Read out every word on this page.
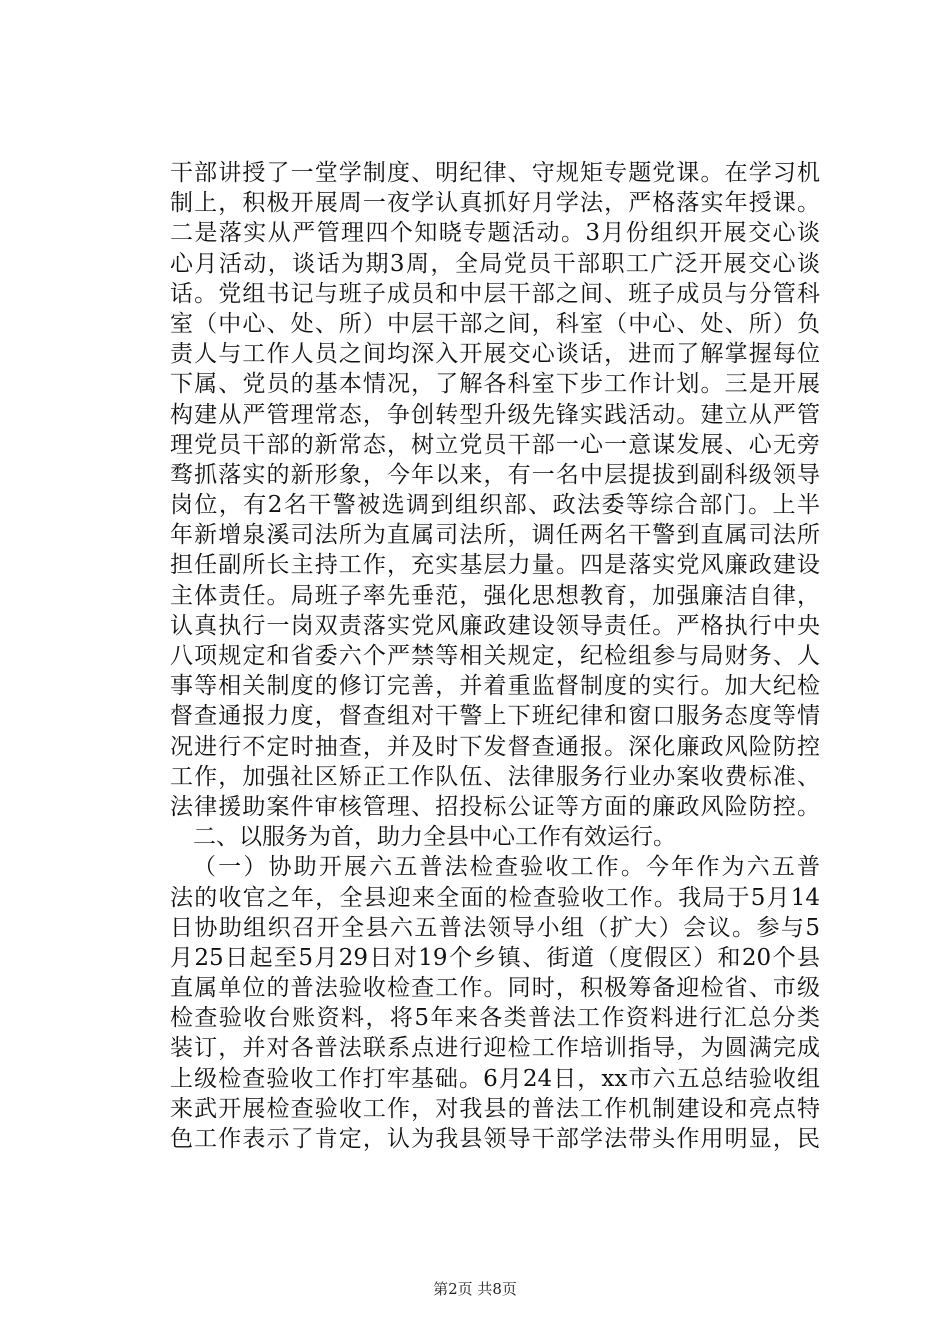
干部讲授了一堂学制度、明纪律、守规矩专题党课。在学习机
制上，积极开展周一夜学认真抓好月学法，严格落实年授课。
二是落实从严管理四个知晓专题活动。3月份组织开展交心谈
心月活动，谈话为期3周，全局党员干部职工广泛开展交心谈
话。党组书记与班子成员和中层干部之间、班子成员与分管科
室（中心、处、所）中层干部之间，科室（中心、处、所）负
责人与工作人员之间均深入开展交心谈话，进而了解掌握每位
下属、党员的基本情况，了解各科室下步工作计划。三是开展
构建从严管理常态，争创转型升级先锋实践活动。建立从严管
理党员干部的新常态，树立党员干部一心一意谋发展、心无旁
骛抓落实的新形象，今年以来，有一名中层提拔到副科级领导
岗位，有2名干警被选调到组织部、政法委等综合部门。上半
年新增泉溪司法所为直属司法所，调任两名干警到直属司法所
担任副所长主持工作，充实基层力量。四是落实党风廉政建设
主体责任。局班子率先垂范，强化思想教育，加强廉洁自律，
认真执行一岗双责落实党风廉政建设领导责任。严格执行中央
八项规定和省委六个严禁等相关规定，纪检组参与局财务、人
事等相关制度的修订完善，并着重监督制度的实行。加大纪检
督查通报力度，督查组对干警上下班纪律和窗口服务态度等情
况进行不定时抽查，并及时下发督查通报。深化廉政风险防控
工作，加强社区矫正工作队伍、法律服务行业办案收费标准、
法律援助案件审核管理、招投标公证等方面的廉政风险防控。
二、以服务为首，助力全县中心工作有效运行。
（一）协助开展六五普法检查验收工作。今年作为六五普
法的收官之年，全县迎来全面的检查验收工作。我局于5月14
日协助组织召开全县六五普法领导小组（扩大）会议。参与5
月25日起至5月29日对19个乡镇、街道（度假区）和20个县
直属单位的普法验收检查工作。同时，积极筹备迎检省、市级
检查验收台账资料，将5年来各类普法工作资料进行汇总分类
装订，并对各普法联系点进行迎检工作培训指导，为圆满完成
上级检查验收工作打牢基础。6月24日，xx市六五总结验收组
来武开展检查验收工作，对我县的普法工作机制建设和亮点特
色工作表示了肯定，认为我县领导干部学法带头作用明显，民
第2页 共8页
